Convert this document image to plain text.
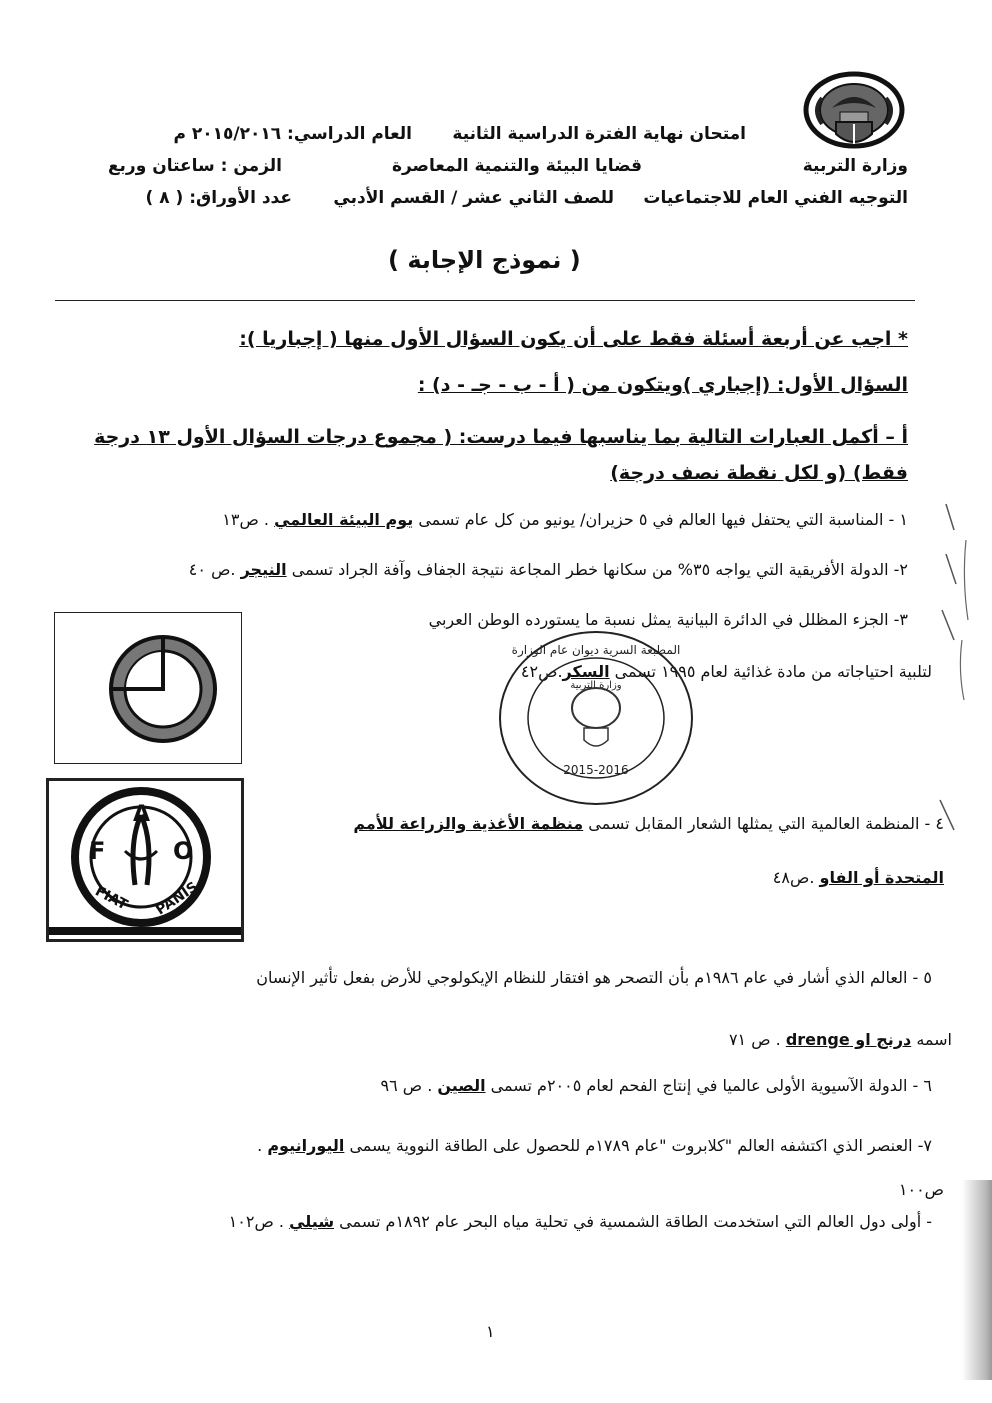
امتحان نهاية الفترة الدراسية الثانية
العام الدراسي: ٢٠١٥/٢٠١٦ م
وزارة التربية
قضايا البيئة والتنمية المعاصرة
الزمن : ساعتان وربع
التوجيه الفني العام للاجتماعيات
للصف الثاني عشر / القسم الأدبي
عدد الأوراق: ( ٨ )
( نموذج الإجابة )
* اجب عن أربعة أسئلة فقط على أن يكون السؤال الأول منها ( إجباريا ):
السؤال الأول: (إجباري )ويتكون من ( أ - ب - جـ - د) :
أ – أكمل العبارات التالية بما يناسبها فيما درست: ( مجموع درجات السؤال الأول ١٣ درجة
فقط) (و لكل نقطة نصف درجة)
١ - المناسبة التي يحتفل فيها العالم في ٥ حزيران/ يونيو من كل عام تسمى يوم البيئة العالمي . ص١٣
٢- الدولة الأفريقية التي يواجه ٣٥% من سكانها خطر المجاعة نتيجة الجفاف وآفة الجراد تسمى النيجر .ص ٤٠
٣- الجزء المظلل في الدائرة البيانية يمثل نسبة ما يستورده الوطن العربي
لتلبية احتياجاته من مادة غذائية لعام ١٩٩٥ تسمى السكر.ص٤٢
المطبعة السرية ديوان عام الوزارة
وزارة التربية
2015-2016
F
A
O
FIAT PANIS
٤ - المنظمة العالمية التي يمثلها الشعار المقابل تسمى منظمة الأغذية والزراعة للأمم
المتحدة أو الفاو .ص٤٨
٥ - العالم الذي أشار في عام ١٩٨٦م بأن التصحر هو افتقار للنظام الإيكولوجي للأرض بفعل تأثير الإنسان
اسمه درنج او drenge . ص ٧١
٦ - الدولة الآسيوية الأولى عالميا في إنتاج الفحم لعام ٢٠٠٥م تسمى الصين . ص ٩٦
٧- العنصر الذي اكتشفه العالم "كلابروت "عام ١٧٨٩م للحصول على الطاقة النووية يسمى اليورانيوم .
ص١٠٠
- أولى دول العالم التي استخدمت الطاقة الشمسية في تحلية مياه البحر عام ١٨٩٢م تسمى شيلي . ص١٠٢
١
